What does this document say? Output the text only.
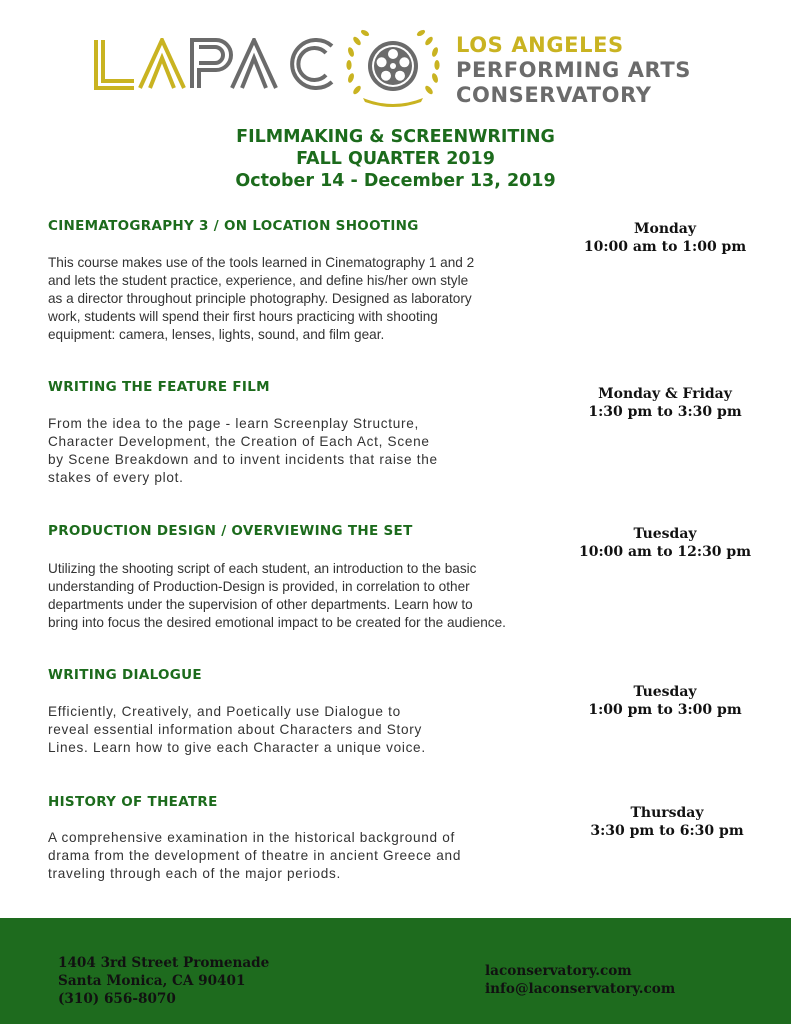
LOS ANGELES
PERFORMING ARTS
CONSERVATORY
FILMMAKING & SCREENWRITING
FALL QUARTER 2019
October 14 - December 13, 2019
CINEMATOGRAPHY 3 / ON LOCATION SHOOTING
This course makes use of the tools learned in Cinematography 1 and 2
and lets the student practice, experience, and define his/her own style
as a director throughout principle photography. Designed as laboratory
work, students will spend their first hours practicing with shooting
equipment: camera, lenses, lights, sound, and film gear.
Monday
10:00 am to 1:00 pm
WRITING THE FEATURE FILM
From the idea to the page - learn Screenplay Structure,
Character Development, the Creation of Each Act, Scene
by Scene Breakdown and to invent incidents that raise the
stakes of every plot.
Monday & Friday
1:30 pm to 3:30 pm
PRODUCTION DESIGN / OVERVIEWING THE SET
Utilizing the shooting script of each student, an introduction to the basic
understanding of Production-Design is provided, in correlation to other
departments under the supervision of other departments. Learn how to
bring into focus the desired emotional impact to be created for the audience.
Tuesday
10:00 am to 12:30 pm
WRITING DIALOGUE
Efficiently, Creatively, and Poetically use Dialogue to
reveal essential information about Characters and Story
Lines. Learn how to give each Character a unique voice.
Tuesday
1:00 pm to 3:00 pm
HISTORY OF THEATRE
A comprehensive examination in the historical background of
drama from the development of theatre in ancient Greece and
traveling through each of the major periods.
Thursday
3:30 pm to 6:30 pm
1404 3rd Street Promenade
Santa Monica, CA 90401
(310) 656-8070
laconservatory.com
info@laconservatory.com
